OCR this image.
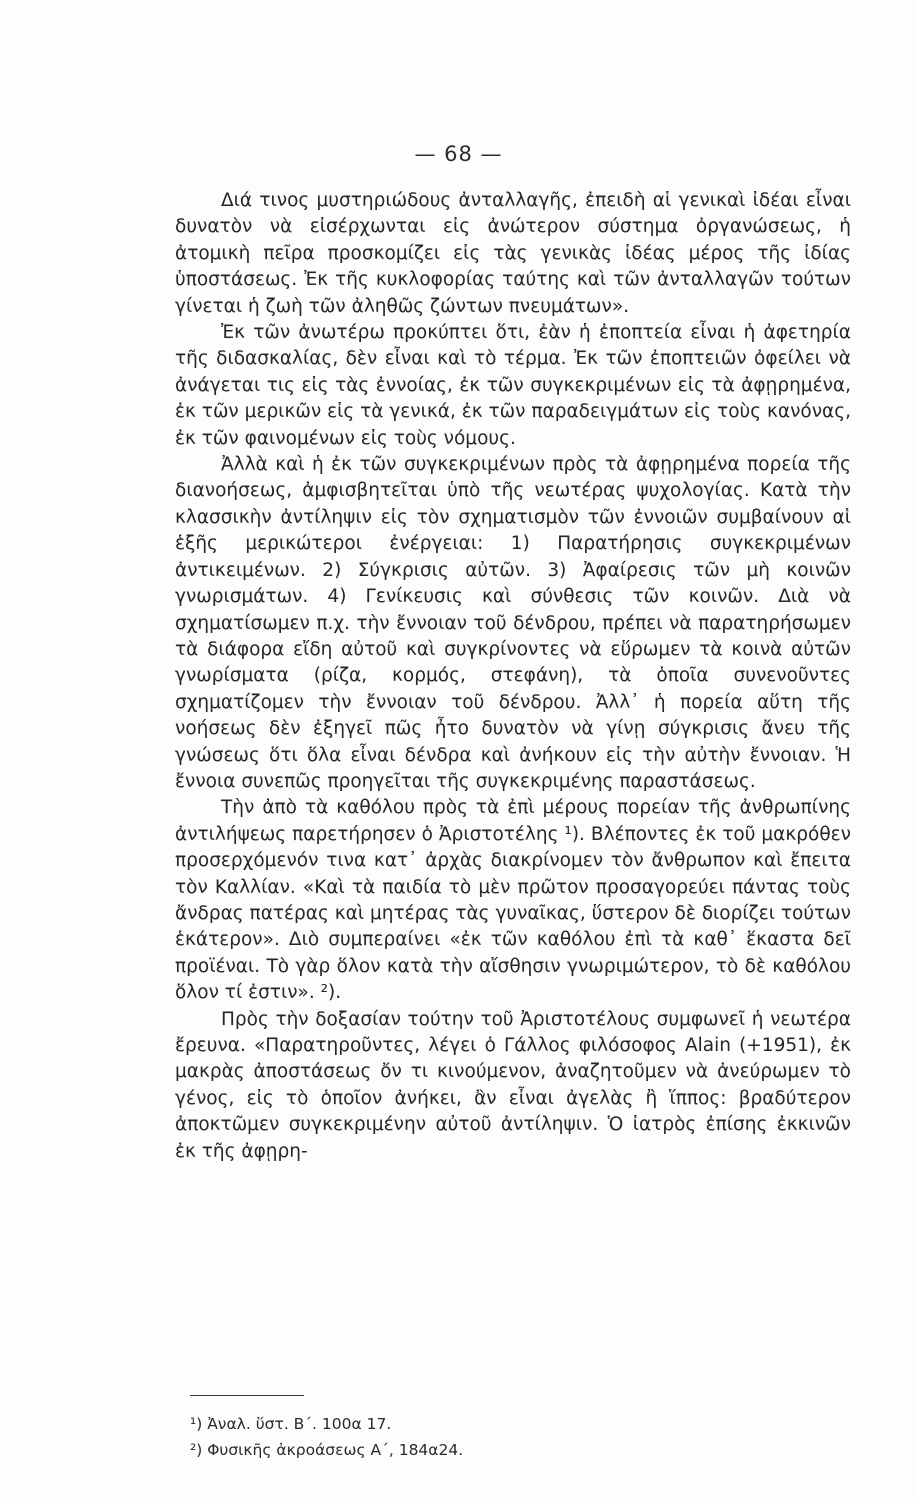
— 68 —

Διά τινος μυστηριώδους ἀνταλλαγῆς, ἐπειδὴ αἱ γενικαὶ ἰδέαι εἶναι δυνατὸν νὰ εἰσέρχωνται εἰς ἀνώτερον σύστημα ὀργανώσεως, ἡ ἀτομικὴ πεῖρα προσκομίζει εἰς τὰς γενικὰς ἰδέας μέρος τῆς ἰδίας ὑποστάσεως. Ἐκ τῆς κυκλοφορίας ταύτης καὶ τῶν ἀνταλλαγῶν τούτων γίνεται ἡ ζωὴ τῶν ἀληθῶς ζώντων πνευμάτων».

Ἐκ τῶν ἀνωτέρω προκύπτει ὅτι, ἐὰν ἡ ἐποπτεία εἶναι ἡ ἀφετηρία τῆς διδασκαλίας, δὲν εἶναι καὶ τὸ τέρμα. Ἐκ τῶν ἐποπτειῶν ὀφείλει νὰ ἀνάγεται τις εἰς τὰς ἐννοίας, ἐκ τῶν συγκεκριμένων εἰς τὰ ἀφῃρημένα, ἐκ τῶν μερικῶν εἰς τὰ γενικά, ἐκ τῶν παραδειγμάτων εἰς τοὺς κανόνας, ἐκ τῶν φαινομένων εἰς τοὺς νόμους.

Ἀλλὰ καὶ ἡ ἐκ τῶν συγκεκριμένων πρὸς τὰ ἀφῃρημένα πορεία τῆς διανοήσεως, ἀμφισβητεῖται ὑπὸ τῆς νεωτέρας ψυχολογίας. Κατὰ τὴν κλασσικὴν ἀντίληψιν εἰς τὸν σχηματισμὸν τῶν ἐννοιῶν συμβαίνουν αἱ ἑξῆς μερικώτεροι ἐνέργειαι: 1) Παρατήρησις συγκεκριμένων ἀντικειμένων. 2) Σύγκρισις αὐτῶν. 3) Ἀφαίρεσις τῶν μὴ κοινῶν γνωρισμάτων. 4) Γενίκευσις καὶ σύνθεσις τῶν κοινῶν. Διὰ νὰ σχηματίσωμεν π.χ. τὴν ἔννοιαν τοῦ δένδρου, πρέπει νὰ παρατηρήσωμεν τὰ διάφορα εἴδη αὐτοῦ καὶ συγκρίνοντες νὰ εὕρωμεν τὰ κοινὰ αὐτῶν γνωρίσματα (ρίζα, κορμός, στεφάνη), τὰ ὁποῖα συνενοῦντες σχηματίζομεν τὴν ἔννοιαν τοῦ δένδρου. Ἀλλ᾽ ἡ πορεία αὕτη τῆς νοήσεως δὲν ἐξηγεῖ πῶς ἦτο δυνατὸν νὰ γίνῃ σύγκρισις ἄνευ τῆς γνώσεως ὅτι ὅλα εἶναι δένδρα καὶ ἀνήκουν εἰς τὴν αὐτὴν ἔννοιαν. Ἡ ἔννοια συνεπῶς προηγεῖται τῆς συγκεκριμένης παραστάσεως.

Τὴν ἀπὸ τὰ καθόλου πρὸς τὰ ἐπὶ μέρους πορείαν τῆς ἀνθρωπίνης ἀντιλήψεως παρετήρησεν ὁ Ἀριστοτέλης ¹). Βλέποντες ἐκ τοῦ μακρόθεν προσερχόμενόν τινα κατ᾽ ἀρχὰς διακρίνομεν τὸν ἄνθρωπον καὶ ἔπειτα τὸν Καλλίαν. «Καὶ τὰ παιδία τὸ μὲν πρῶτον προσαγορεύει πάντας τοὺς ἄνδρας πατέρας καὶ μητέρας τὰς γυναῖκας, ὕστερον δὲ διορίζει τούτων ἑκάτερον». Διὸ συμπεραίνει «ἐκ τῶν καθόλου ἐπὶ τὰ καθ᾽ ἕκαστα δεῖ προϊέναι. Τὸ γὰρ ὅλον κατὰ τὴν αἴσθησιν γνωριμώτερον, τὸ δὲ καθόλου ὅλον τί ἐστιν». ²).

Πρὸς τὴν δοξασίαν τούτην τοῦ Ἀριστοτέλους συμφωνεῖ ἡ νεωτέρα ἔρευνα. «Παρατηροῦντες, λέγει ὁ Γάλλος φιλόσοφος Alain (+1951), ἐκ μακρὰς ἀποστάσεως ὄν τι κινούμενον, ἀναζητοῦμεν νὰ ἀνεύρωμεν τὸ γένος, εἰς τὸ ὁποῖον ἀνήκει, ἂν εἶναι ἀγελὰς ἢ ἵππος: βραδύτερον ἀποκτῶμεν συγκεκριμένην αὐτοῦ ἀντίληψιν. Ὁ ἰατρὸς ἐπίσης ἐκκινῶν ἐκ τῆς ἀφῃρη-

¹) Ἀναλ. ὕστ. Β΄. 100α 17.

²) Φυσικῆς ἀκροάσεως Α΄, 184α24.
